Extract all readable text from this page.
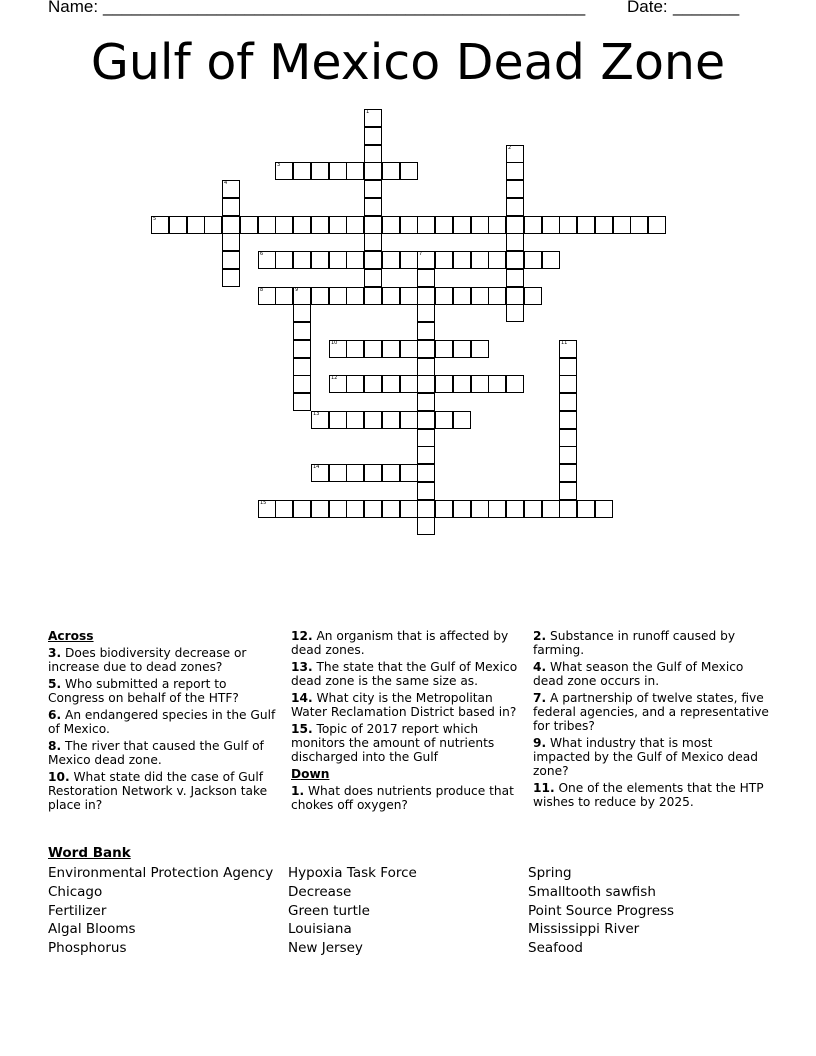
Name: ___________________________________________________ Date: _______
Gulf of Mexico Dead Zone
1
2
3
4
5
6	7
8	9
10	11
12
13
14
15

Across

3. Does biodiversity decrease or increase due to dead zones?

5. Who submitted a report to Congress on behalf of the HTF?

6. An endangered species in the Gulf of Mexico.

8. The river that caused the Gulf of Mexico dead zone.

10. What state did the case of Gulf Restoration Network v. Jackson take place in?

12. An organism that is affected by dead zones.

13. The state that the Gulf of Mexico dead zone is the same size as.

14. What city is the Metropolitan Water Reclamation District based in?

15. Topic of 2017 report which monitors the amount of nutrients discharged into the Gulf

Down

1. What does nutrients produce that chokes off oxygen?

2. Substance in runoff caused by farming.

4. What season the Gulf of Mexico dead zone occurs in.

7. A partnership of twelve states, five federal agencies, and a representative for tribes?

9. What industry that is most impacted by the Gulf of Mexico dead zone?

11. One of the elements that the HTP wishes to reduce by 2025.

Word Bank
Environmental Protection Agency
Chicago
Fertilizer
Algal Blooms
Phosphorus
Hypoxia Task Force
Decrease
Green turtle
Louisiana
New Jersey
Spring
Smalltooth sawfish
Point Source Progress
Mississippi River
Seafood
